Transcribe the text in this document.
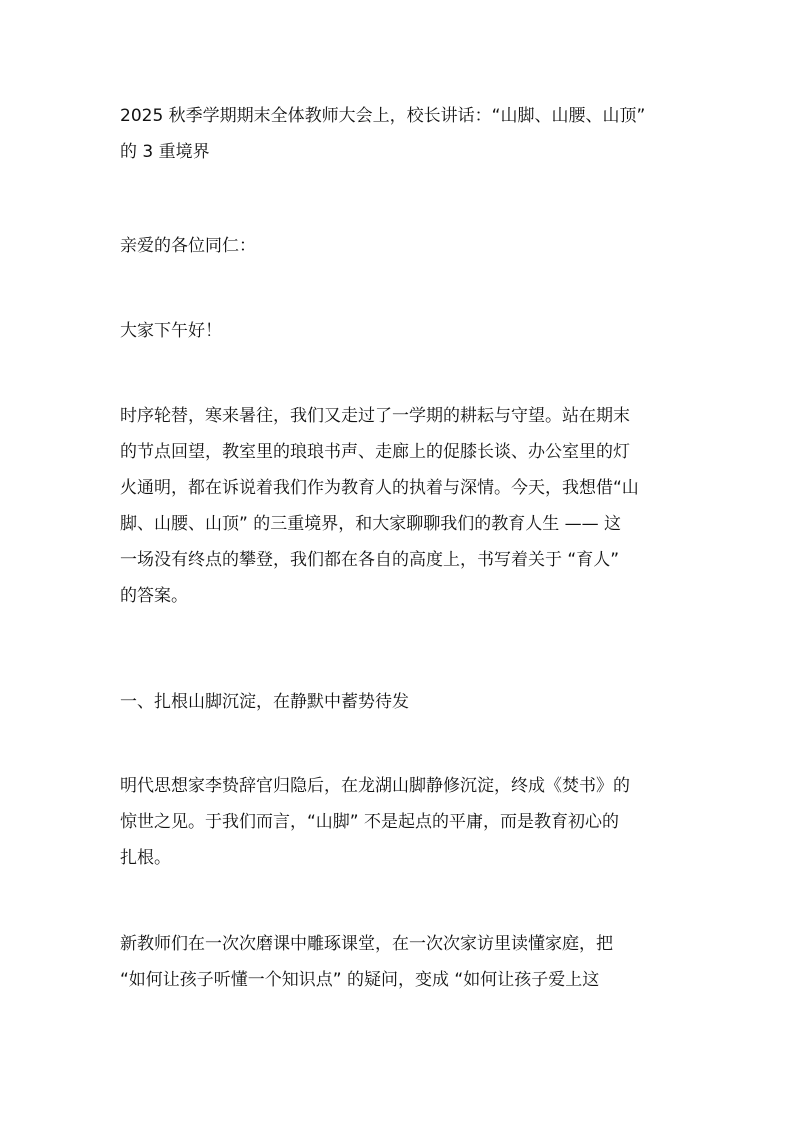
2025 秋季学期期末全体教师大会上，校长讲话：“山脚、山腰、山顶”
的 3 重境界
亲爱的各位同仁：
大家下午好！
时序轮替，寒来暑往，我们又走过了一学期的耕耘与守望。站在期末
的节点回望，教室里的琅琅书声、走廊上的促膝长谈、办公室里的灯
火通明，都在诉说着我们作为教育人的执着与深情。今天，我想借“山
脚、山腰、山顶” 的三重境界，和大家聊聊我们的教育人生 —— 这
一场没有终点的攀登，我们都在各自的高度上，书写着关于 “育人”
的答案。
一、扎根山脚沉淀，在静默中蓄势待发
明代思想家李贽辞官归隐后，在龙湖山脚静修沉淀，终成《焚书》的
惊世之见。于我们而言，“山脚” 不是起点的平庸，而是教育初心的
扎根。
新教师们在一次次磨课中雕琢课堂，在一次次家访里读懂家庭，把
“如何让孩子听懂一个知识点” 的疑问，变成 “如何让孩子爱上这
